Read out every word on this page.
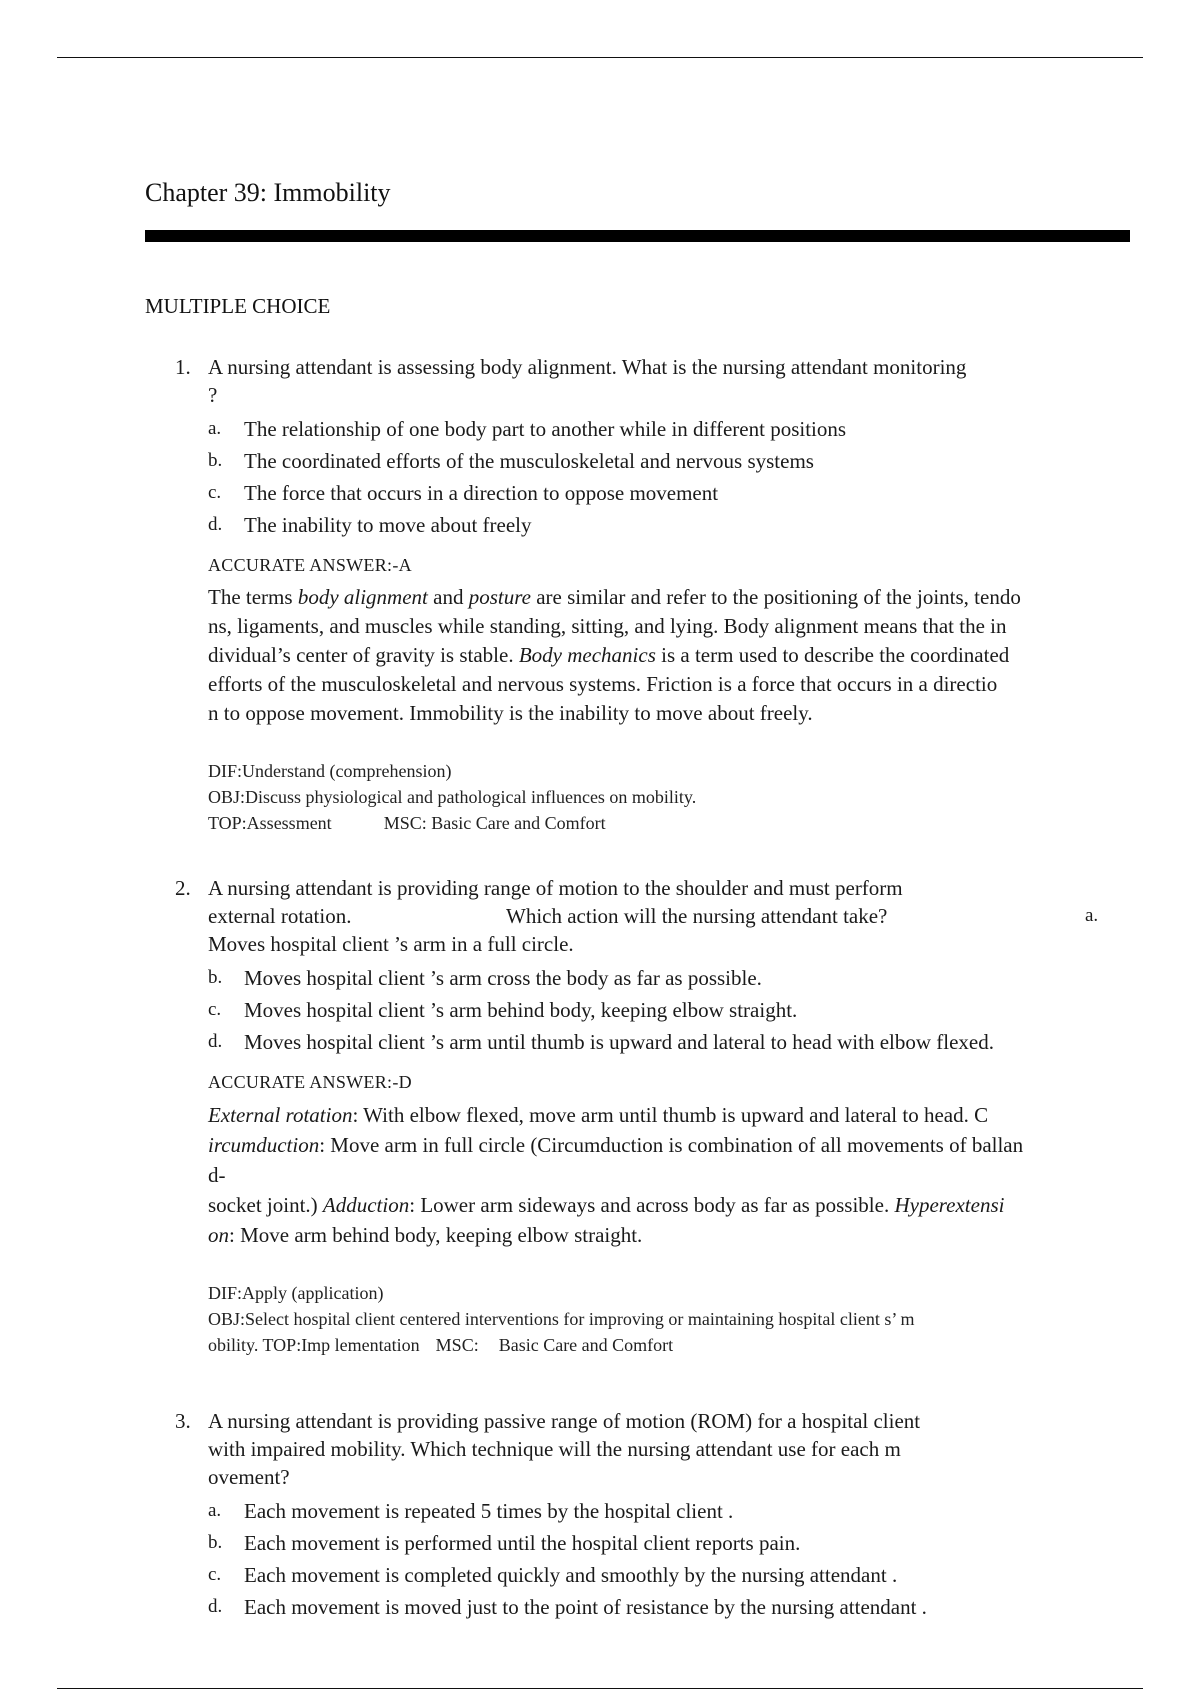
Chapter 39: Immobility
MULTIPLE CHOICE
1. A nursing attendant is assessing body alignment. What is the nursing attendant monitoring
?
a. The relationship of one body part to another while in different positions
b. The coordinated efforts of the musculoskeletal and nervous systems
c. The force that occurs in a direction to oppose movement
d. The inability to move about freely
ACCURATE ANSWER:-A
The terms body alignment and posture are similar and refer to the positioning of the joints, tendo
ns, ligaments, and muscles while standing, sitting, and lying. Body alignment means that the in
dividual’s center of gravity is stable. Body mechanics is a term used to describe the coordinated
efforts of the musculoskeletal and nervous systems. Friction is a force that occurs in a directio
n to oppose movement. Immobility is the inability to move about freely.
DIF:Understand (comprehension)
OBJ:Discuss physiological and pathological influences on mobility.
TOP:Assessment	MSC: Basic Care and Comfort
2. A nursing attendant is providing range of motion to the shoulder and must perform
external rotation.	Which action will the nursing attendant take?	a.
Moves hospital client ’s arm in a full circle.
b. Moves hospital client ’s arm cross the body as far as possible.
c. Moves hospital client ’s arm behind body, keeping elbow straight.
d. Moves hospital client ’s arm until thumb is upward and lateral to head with elbow flexed.
ACCURATE ANSWER:-D
External rotation: With elbow flexed, move arm until thumb is upward and lateral to head. C
ircumduction: Move arm in full circle (Circumduction is combination of all movements of ballan
d-
socket joint.) Adduction: Lower arm sideways and across body as far as possible. Hyperextensi
on: Move arm behind body, keeping elbow straight.
DIF:Apply (application)
OBJ:Select hospital client centered interventions for improving or maintaining hospital client s’ m
obility. TOP:Imp lementation MSC: Basic Care and Comfort
3. A nursing attendant is providing passive range of motion (ROM) for a hospital client
with impaired mobility. Which technique will the nursing attendant use for each m
ovement?
a. Each movement is repeated 5 times by the hospital client .
b. Each movement is performed until the hospital client reports pain.
c. Each movement is completed quickly and smoothly by the nursing attendant .
d. Each movement is moved just to the point of resistance by the nursing attendant .
